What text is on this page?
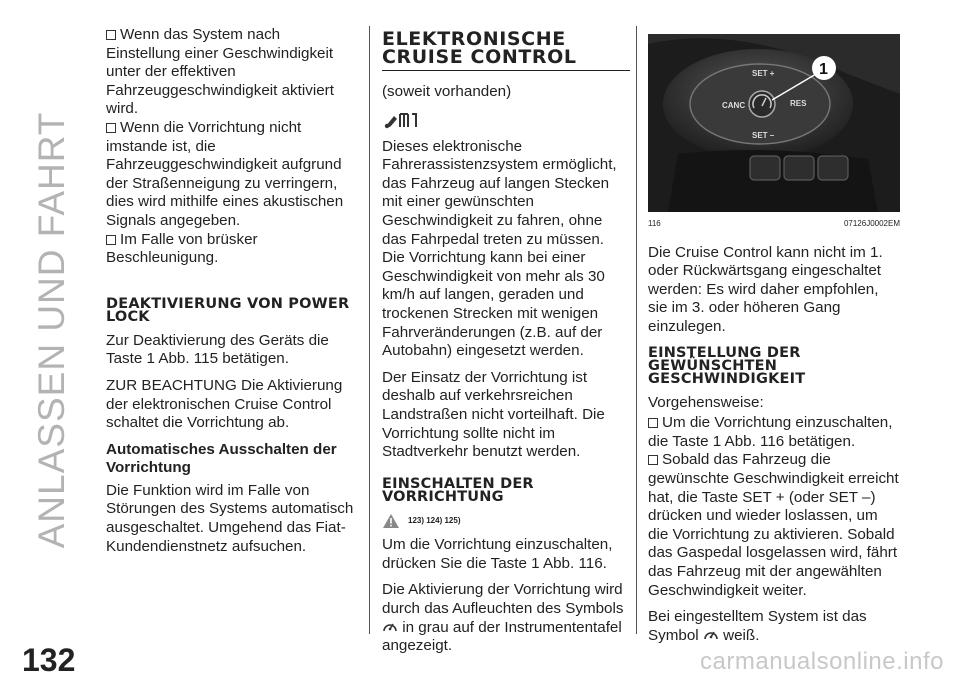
ANLASSEN UND FAHRT

Wenn das System nach Einstellung einer Geschwindigkeit unter der effektiven Fahrzeuggeschwindigkeit aktiviert wird.

Wenn die Vorrichtung nicht imstande ist, die Fahrzeuggeschwindigkeit aufgrund der Straßenneigung zu verringern, dies wird mithilfe eines akustischen Signals angegeben.

Im Falle von brüsker Beschleunigung.

DEAKTIVIERUNG VON POWER LOCK

Zur Deaktivierung des Geräts die Taste 1 Abb. 115 betätigen.

ZUR BEACHTUNG Die Aktivierung der elektronischen Cruise Control schaltet die Vorrichtung ab.

Automatisches Ausschalten der Vorrichtung

Die Funktion wird im Falle von Störungen des Systems automatisch ausgeschaltet. Umgehend das Fiat-Kundendienstnetz aufsuchen.

ELEKTRONISCHE CRUISE CONTROL

(soweit vorhanden)

Dieses elektronische Fahrerassistenzsystem ermöglicht, das Fahrzeug auf langen Stecken mit einer gewünschten Geschwindigkeit zu fahren, ohne das Fahrpedal treten zu müssen. Die Vorrichtung kann bei einer Geschwindigkeit von mehr als 30 km/h auf langen, geraden und trockenen Strecken mit wenigen Fahrveränderungen (z.B. auf der Autobahn) eingesetzt werden.

Der Einsatz der Vorrichtung ist deshalb auf verkehrsreichen Landstraßen nicht vorteilhaft. Die Vorrichtung sollte nicht im Stadtverkehr benutzt werden.

EINSCHALTEN DER VORRICHTUNG
123) 124) 125)

Um die Vorrichtung einzuschalten, drücken Sie die Taste 1 Abb. 116.

Die Aktivierung der Vorrichtung wird durch das Aufleuchten des Symbols  in grau auf der Instrumententafel angezeigt.

SET +
CANC	RES
SET –
1
116	07126J0002EM

Die Cruise Control kann nicht im 1. oder Rückwärtsgang eingeschaltet werden: Es wird daher empfohlen, sie im 3. oder höheren Gang einzulegen.

EINSTELLUNG DER GEWÜNSCHTEN GESCHWINDIGKEIT

Vorgehensweise:

Um die Vorrichtung einzuschalten, die Taste 1 Abb. 116 betätigen.

Sobald das Fahrzeug die gewünschte Geschwindigkeit erreicht hat, die Taste SET + (oder SET –) drücken und wieder loslassen, um die Vorrichtung zu aktivieren. Sobald das Gaspedal losgelassen wird, fährt das Fahrzeug mit der angewählten Geschwindigkeit weiter.

Bei eingestelltem System ist das Symbol weiß.

132	carmanualsonline.info
